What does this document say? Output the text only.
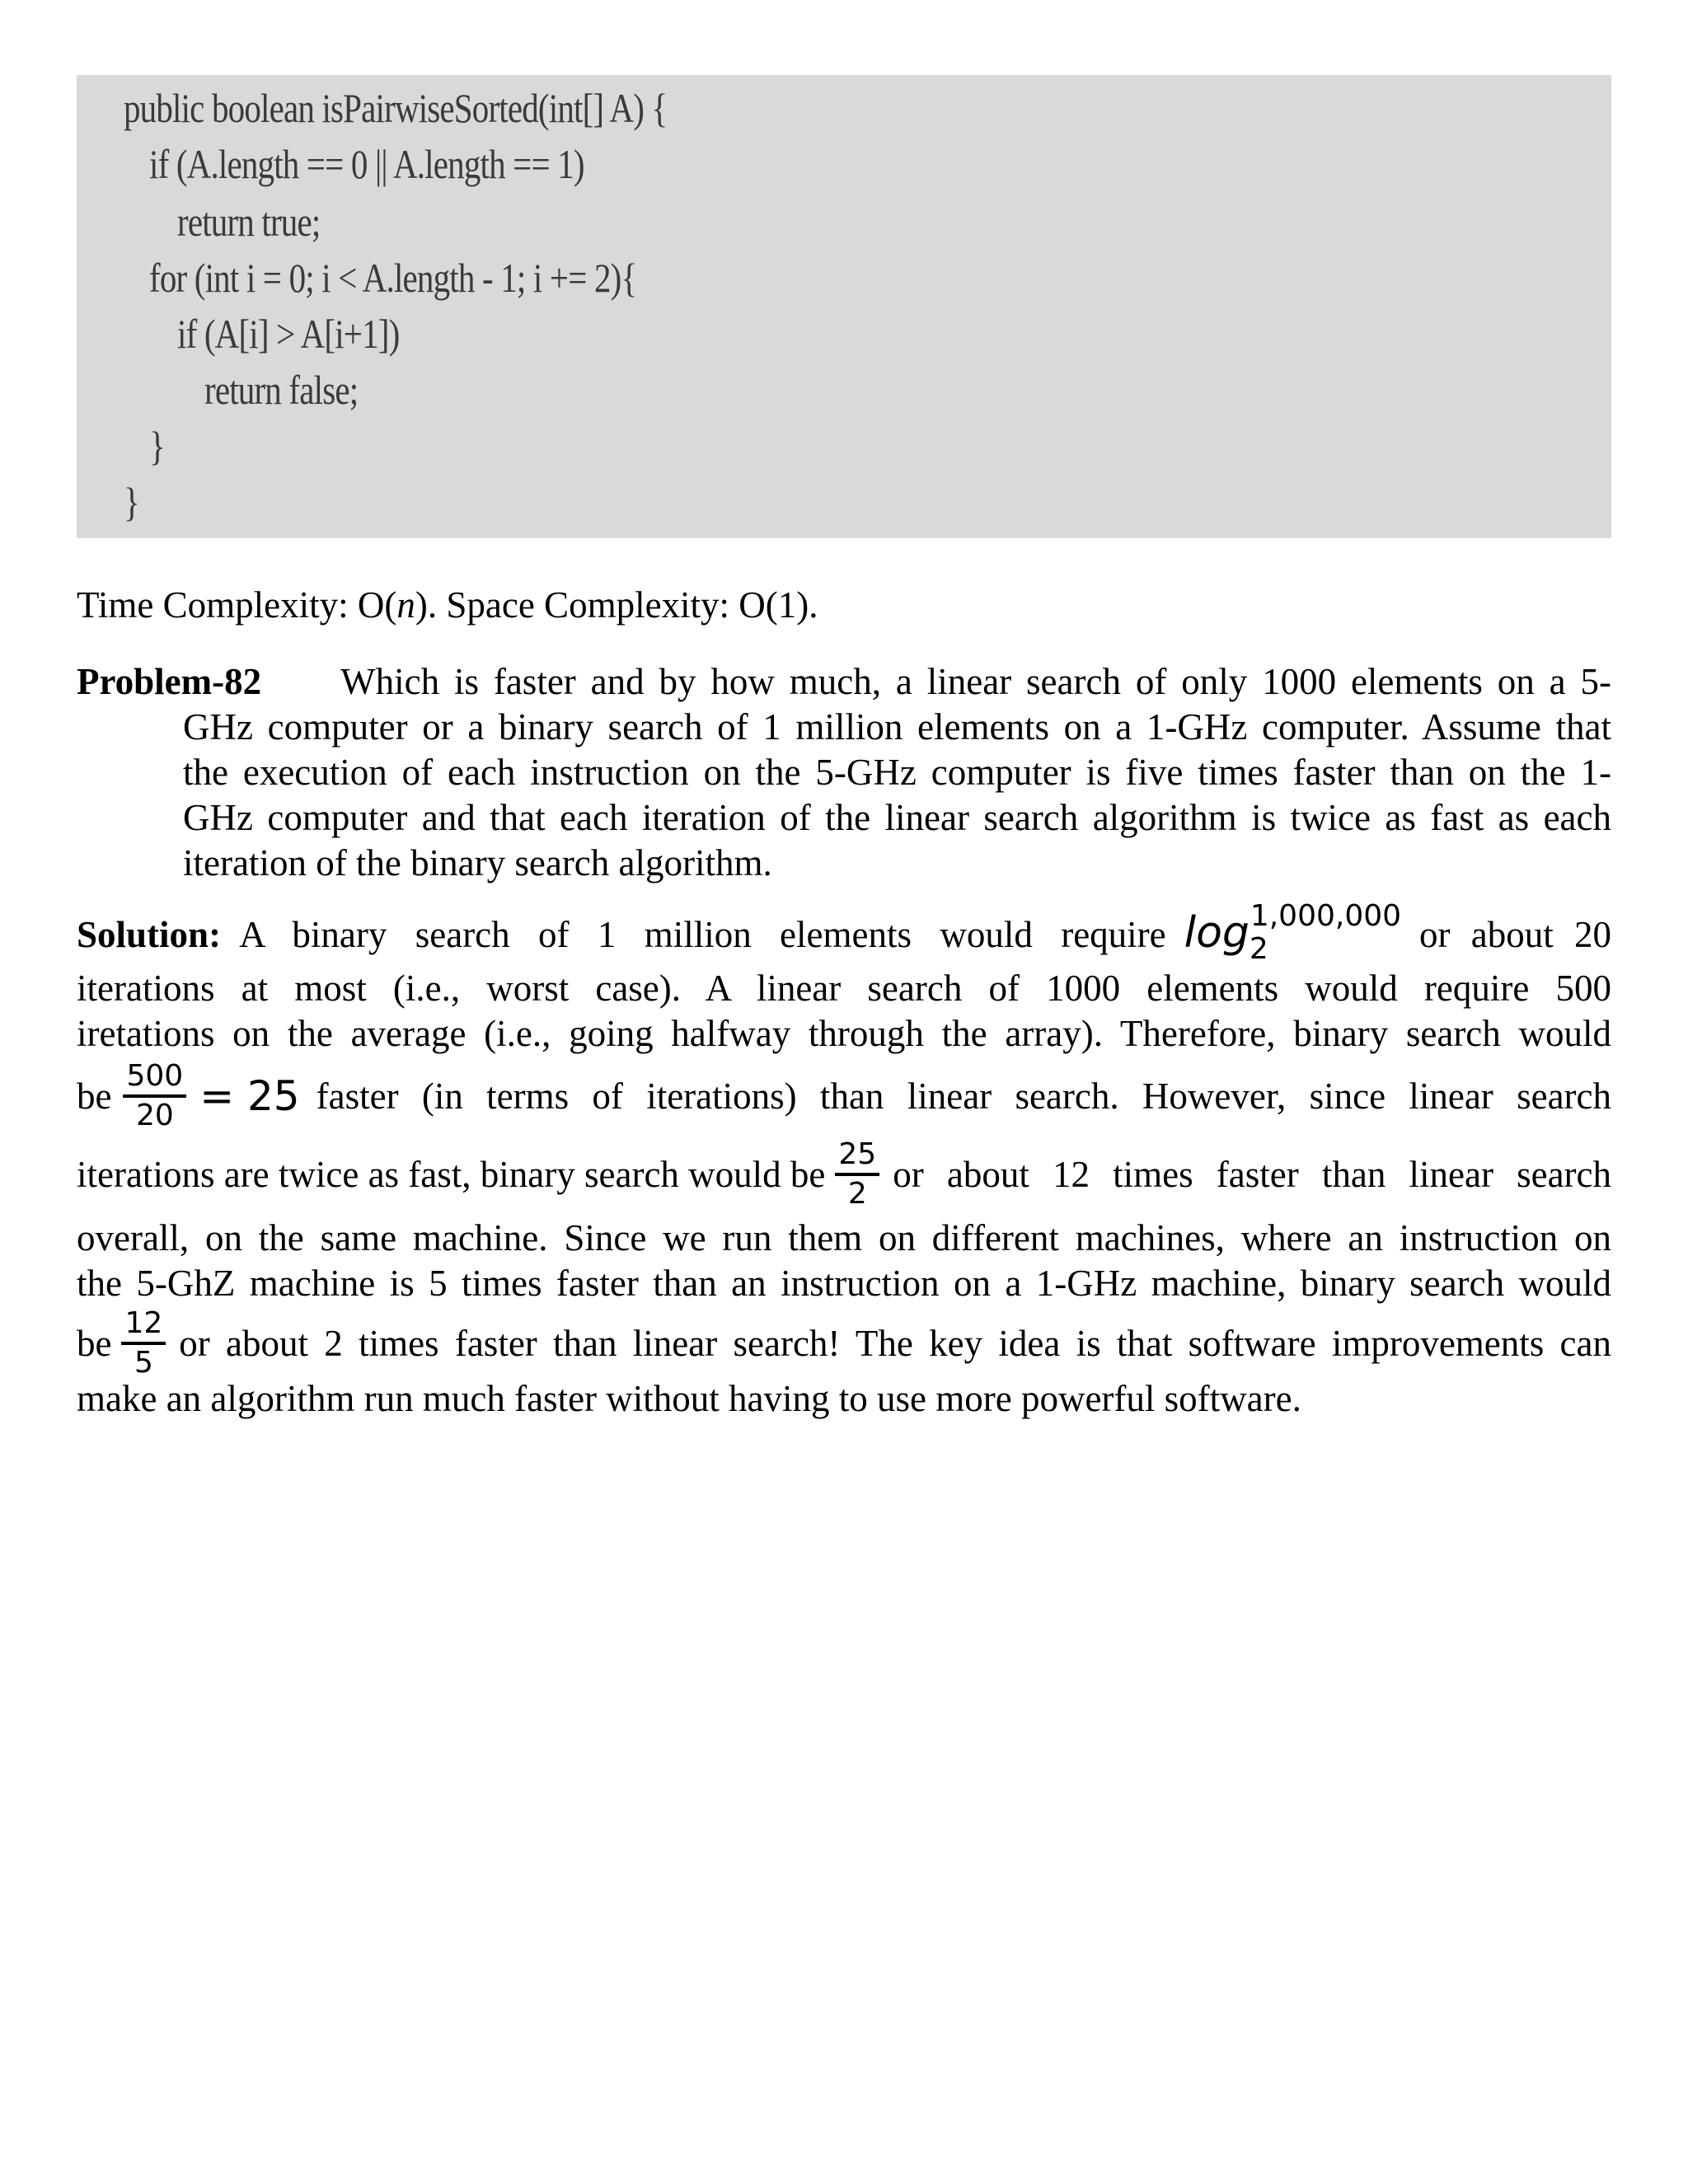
public boolean isPairwiseSorted(int[] A) {
if (A.length == 0 || A.length == 1)
return true;
for (int i = 0; i < A.length - 1; i += 2){
if (A[i] > A[i+1])
return false;
}
}
Time Complexity: O(n). Space Complexity: O(1).
Problem-82 Which is faster and by how much, a linear search of only 1000 elements on a 5-
GHz computer or a binary search of 1 million elements on a 1-GHz computer. Assume that
the execution of each instruction on the 5-GHz computer is five times faster than on the 1-
GHz computer and that each iteration of the linear search algorithm is twice as fast as each
iteration of the binary search algorithm.
Solution: A binary search of 1 million elements would require $\log_2^{1,000,000}$ or about 20
iterations at most (i.e., worst case). A linear search of 1000 elements would require 500
iretations on the average (i.e., going halfway through the array). Therefore, binary search would
be $\frac{500}{20} = 25$ faster (in terms of iterations) than linear search. However, since linear search
iterations are twice as fast, binary search would be $\frac{25}{2}$ or about 12 times faster than linear search
overall, on the same machine. Since we run them on different machines, where an instruction on
the 5-GhZ machine is 5 times faster than an instruction on a 1-GHz machine, binary search would
be $\frac{12}{5}$ or about 2 times faster than linear search! The key idea is that software improvements can
make an algorithm run much faster without having to use more powerful software.
